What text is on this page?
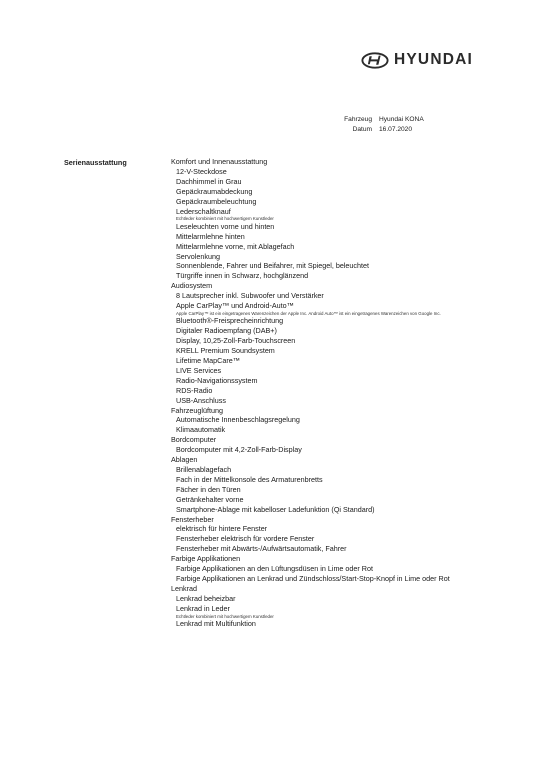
HYUNDAI
Fahrzeug	Hyundai KONA
Datum	16.07.2020
Serienausstattung	Komfort und Innenausstattung
12-V-Steckdose
Dachhimmel in Grau
Gepäckraumabdeckung
Gepäckraumbeleuchtung
Lederschaltknauf
Echtleder kombiniert mit hochwertigem Kunstleder
Leseleuchten vorne und hinten
Mittelarmlehne hinten
Mittelarmlehne vorne, mit Ablagefach
Servolenkung
Sonnenblende, Fahrer und Beifahrer, mit Spiegel, beleuchtet
Türgriffe innen in Schwarz, hochglänzend
Audiosystem
8 Lautsprecher inkl. Subwoofer und Verstärker
Apple CarPlay™ und Android-Auto™
Apple CarPlay™ ist ein eingetragenes Warenzeichen der Apple Inc. Android Auto™ ist ein eingetragenes Warenzeichen von Google Inc.
Bluetooth®-Freisprecheinrichtung
Digitaler Radioempfang (DAB+)
Display, 10,25-Zoll-Farb-Touchscreen
KRELL Premium Soundsystem
Lifetime MapCare™
LIVE Services
Radio-Navigationssystem
RDS-Radio
USB-Anschluss
Fahrzeuglüftung
Automatische Innenbeschlagsregelung
Klimaautomatik
Bordcomputer
Bordcomputer mit 4,2-Zoll-Farb-Display
Ablagen
Brillenablagefach
Fach in der Mittelkonsole des Armaturenbretts
Fächer in den Türen
Getränkehalter vorne
Smartphone-Ablage mit kabelloser Ladefunktion (Qi Standard)
Fensterheber
elektrisch für hintere Fenster
Fensterheber elektrisch für vordere Fenster
Fensterheber mit Abwärts-/Aufwärtsautomatik, Fahrer
Farbige Applikationen
Farbige Applikationen an den Lüftungsdüsen in Lime oder Rot
Farbige Applikationen an Lenkrad und Zündschloss/Start-Stop-Knopf in Lime oder Rot
Lenkrad
Lenkrad beheizbar
Lenkrad in Leder
Echtleder kombiniert mit hochwertigem Kunstleder
Lenkrad mit Multifunktion
